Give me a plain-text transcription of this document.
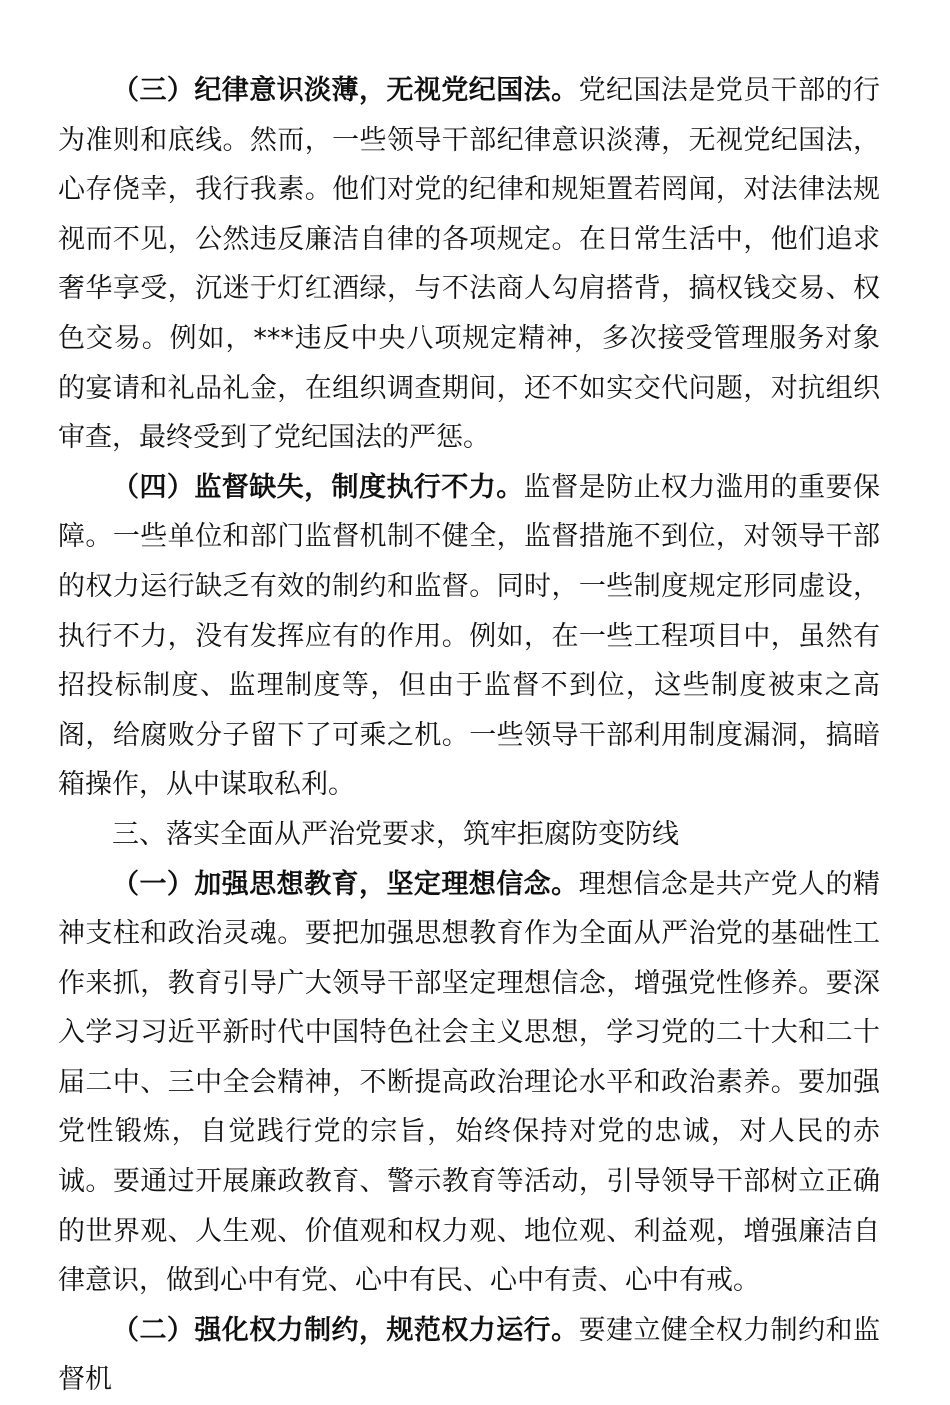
（三）纪律意识淡薄，无视党纪国法。党纪国法是党员干部的行为准则和底线。然而，一些领导干部纪律意识淡薄，无视党纪国法，心存侥幸，我行我素。他们对党的纪律和规矩置若罔闻，对法律法规视而不见，公然违反廉洁自律的各项规定。在日常生活中，他们追求奢华享受，沉迷于灯红酒绿，与不法商人勾肩搭背，搞权钱交易、权色交易。例如，***违反中央八项规定精神，多次接受管理服务对象的宴请和礼品礼金，在组织调查期间，还不如实交代问题，对抗组织审查，最终受到了党纪国法的严惩。

（四）监督缺失，制度执行不力。监督是防止权力滥用的重要保障。一些单位和部门监督机制不健全，监督措施不到位，对领导干部的权力运行缺乏有效的制约和监督。同时，一些制度规定形同虚设，执行不力，没有发挥应有的作用。例如，在一些工程项目中，虽然有招投标制度、监理制度等，但由于监督不到位，这些制度被束之高阁，给腐败分子留下了可乘之机。一些领导干部利用制度漏洞，搞暗箱操作，从中谋取私利。

三、落实全面从严治党要求，筑牢拒腐防变防线

（一）加强思想教育，坚定理想信念。理想信念是共产党人的精神支柱和政治灵魂。要把加强思想教育作为全面从严治党的基础性工作来抓，教育引导广大领导干部坚定理想信念，增强党性修养。要深入学习习近平新时代中国特色社会主义思想，学习党的二十大和二十届二中、三中全会精神，不断提高政治理论水平和政治素养。要加强党性锻炼，自觉践行党的宗旨，始终保持对党的忠诚，对人民的赤诚。要通过开展廉政教育、警示教育等活动，引导领导干部树立正确的世界观、人生观、价值观和权力观、地位观、利益观，增强廉洁自律意识，做到心中有党、心中有民、心中有责、心中有戒。

（二）强化权力制约，规范权力运行。要建立健全权力制约和监督机
